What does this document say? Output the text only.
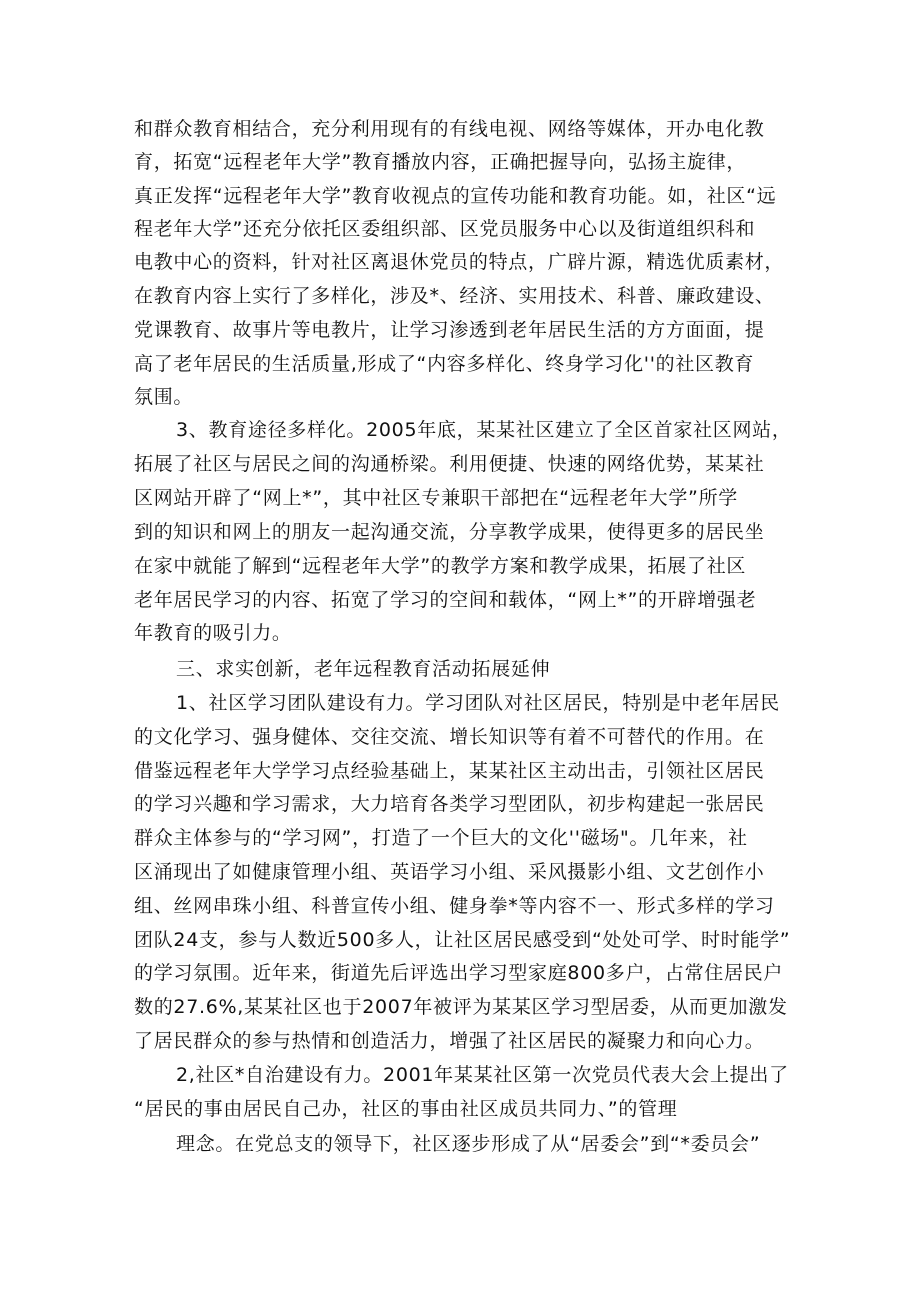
和群众教育相结合，充分利用现有的有线电视、网络等媒体，开办电化教
育，拓宽“远程老年大学”教育播放内容，正确把握导向，弘扬主旋律，
真正发挥“远程老年大学”教育收视点的宣传功能和教育功能。如，社区“远
程老年大学”还充分依托区委组织部、区党员服务中心以及街道组织科和
电教中心的资料，针对社区离退休党员的特点，广辟片源，精选优质素材，
在教育内容上实行了多样化，涉及*、经济、实用技术、科普、廉政建设、
党课教育、故事片等电教片，让学习渗透到老年居民生活的方方面面，提
高了老年居民的生活质量,形成了“内容多样化、终身学习化''的社区教育
氛围。
3、教育途径多样化。2005年底，某某社区建立了全区首家社区网站，
拓展了社区与居民之间的沟通桥梁。利用便捷、快速的网络优势，某某社
区网站开辟了“网上*”，其中社区专兼职干部把在“远程老年大学”所学
到的知识和网上的朋友一起沟通交流，分享教学成果，使得更多的居民坐
在家中就能了解到“远程老年大学”的教学方案和教学成果，拓展了社区
老年居民学习的内容、拓宽了学习的空间和载体，“网上*”的开辟增强老
年教育的吸引力。
三、求实创新，老年远程教育活动拓展延伸
1、社区学习团队建设有力。学习团队对社区居民，特别是中老年居民
的文化学习、强身健体、交往交流、增长知识等有着不可替代的作用。在
借鉴远程老年大学学习点经验基础上，某某社区主动出击，引领社区居民
的学习兴趣和学习需求，大力培育各类学习型团队，初步构建起一张居民
群众主体参与的“学习网”，打造了一个巨大的文化''磁场"。几年来，社
区涌现出了如健康管理小组、英语学习小组、采风摄影小组、文艺创作小
组、丝网串珠小组、科普宣传小组、健身拳*等内容不一、形式多样的学习
团队24支，参与人数近500多人，让社区居民感受到“处处可学、时时能学”
的学习氛围。近年来，街道先后评选出学习型家庭800多户，占常住居民户
数的27.6%,某某社区也于2007年被评为某某区学习型居委，从而更加激发
了居民群众的参与热情和创造活力，增强了社区居民的凝聚力和向心力。
2,社区*自治建设有力。2001年某某社区第一次党员代表大会上提出了
“居民的事由居民自己办，社区的事由社区成员共同力、”的管理
理念。在党总支的领导下，社区逐步形成了从“居委会”到“*委员会”
